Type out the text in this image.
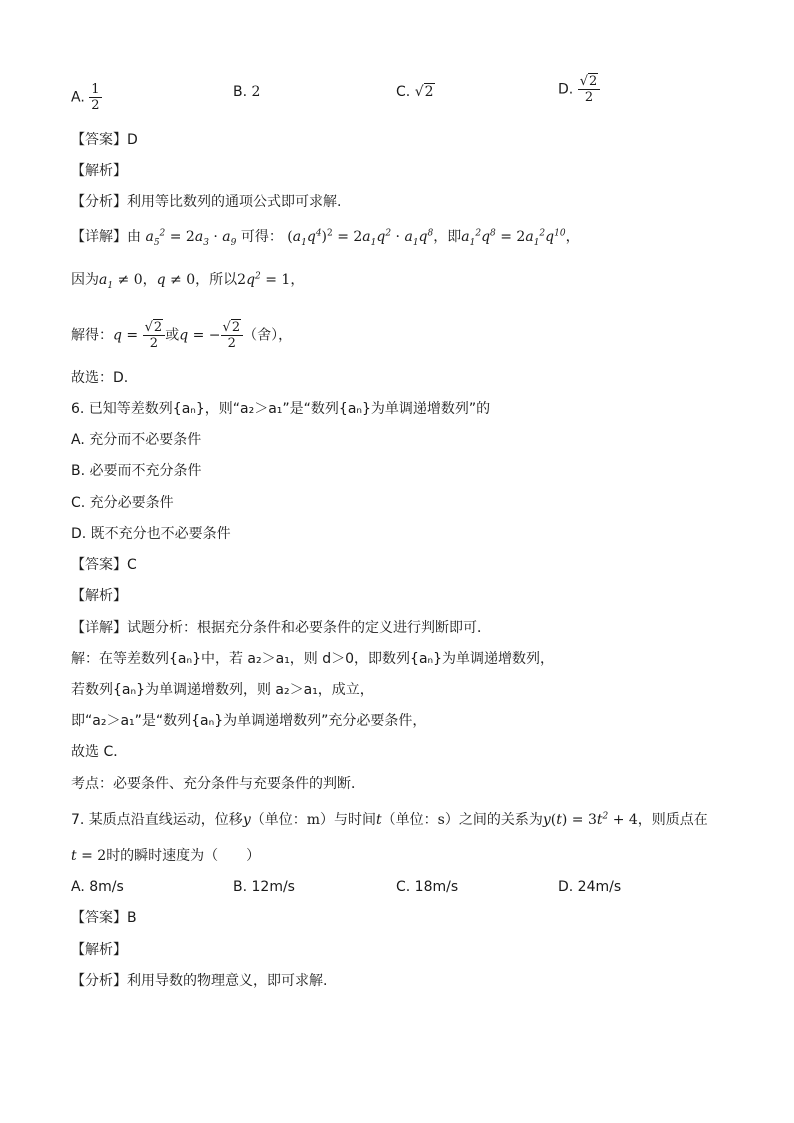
A. $\frac{1}{2}$	B. 2	C. √2	D. $\frac{√2}{2}$
【答案】D
【解析】
【分析】利用等比数列的通项公式即可求解.
【详解】由 $a_5^2 = 2a_3 \cdot a_9$ 可得： $(a_1q^4)^2 = 2a_1q^2 \cdot a_1q^8$，即$a_1^2q^8 = 2a_1^2q^{10}$，
因为$a_1 \ne 0$，q ≠ 0，所以$2q^2 = 1$，
解得：$q = \frac{√2}{2}$ 或q = − $\frac{√2}{2}$ （舍），
故选：D.
6. 已知等差数列{aₙ}，则“a₂＞a₁”是“数列{aₙ}为单调递增数列”的
A. 充分而不必要条件
B. 必要而不充分条件
C. 充分必要条件
D. 既不充分也不必要条件
【答案】C
【解析】
【详解】试题分析：根据充分条件和必要条件的定义进行判断即可．
解：在等差数列{aₙ}中，若 a₂＞a₁，则 d＞0，即数列{aₙ}为单调递增数列，
若数列{aₙ}为单调递增数列，则 a₂＞a₁，成立，
即“a₂＞a₁”是“数列{aₙ}为单调递增数列”充分必要条件，
故选 C．
考点：必要条件、充分条件与充要条件的判断．
7. 某质点沿直线运动，位移y（单位：m）与时间t（单位：s）之间的关系为$y(t) = 3t^2 + 4$，则质点在
t = 2时的瞬时速度为（　　）
A. 8m/s	B. 12m/s	C. 18m/s	D. 24m/s
【答案】B
【解析】
【分析】利用导数的物理意义，即可求解.
